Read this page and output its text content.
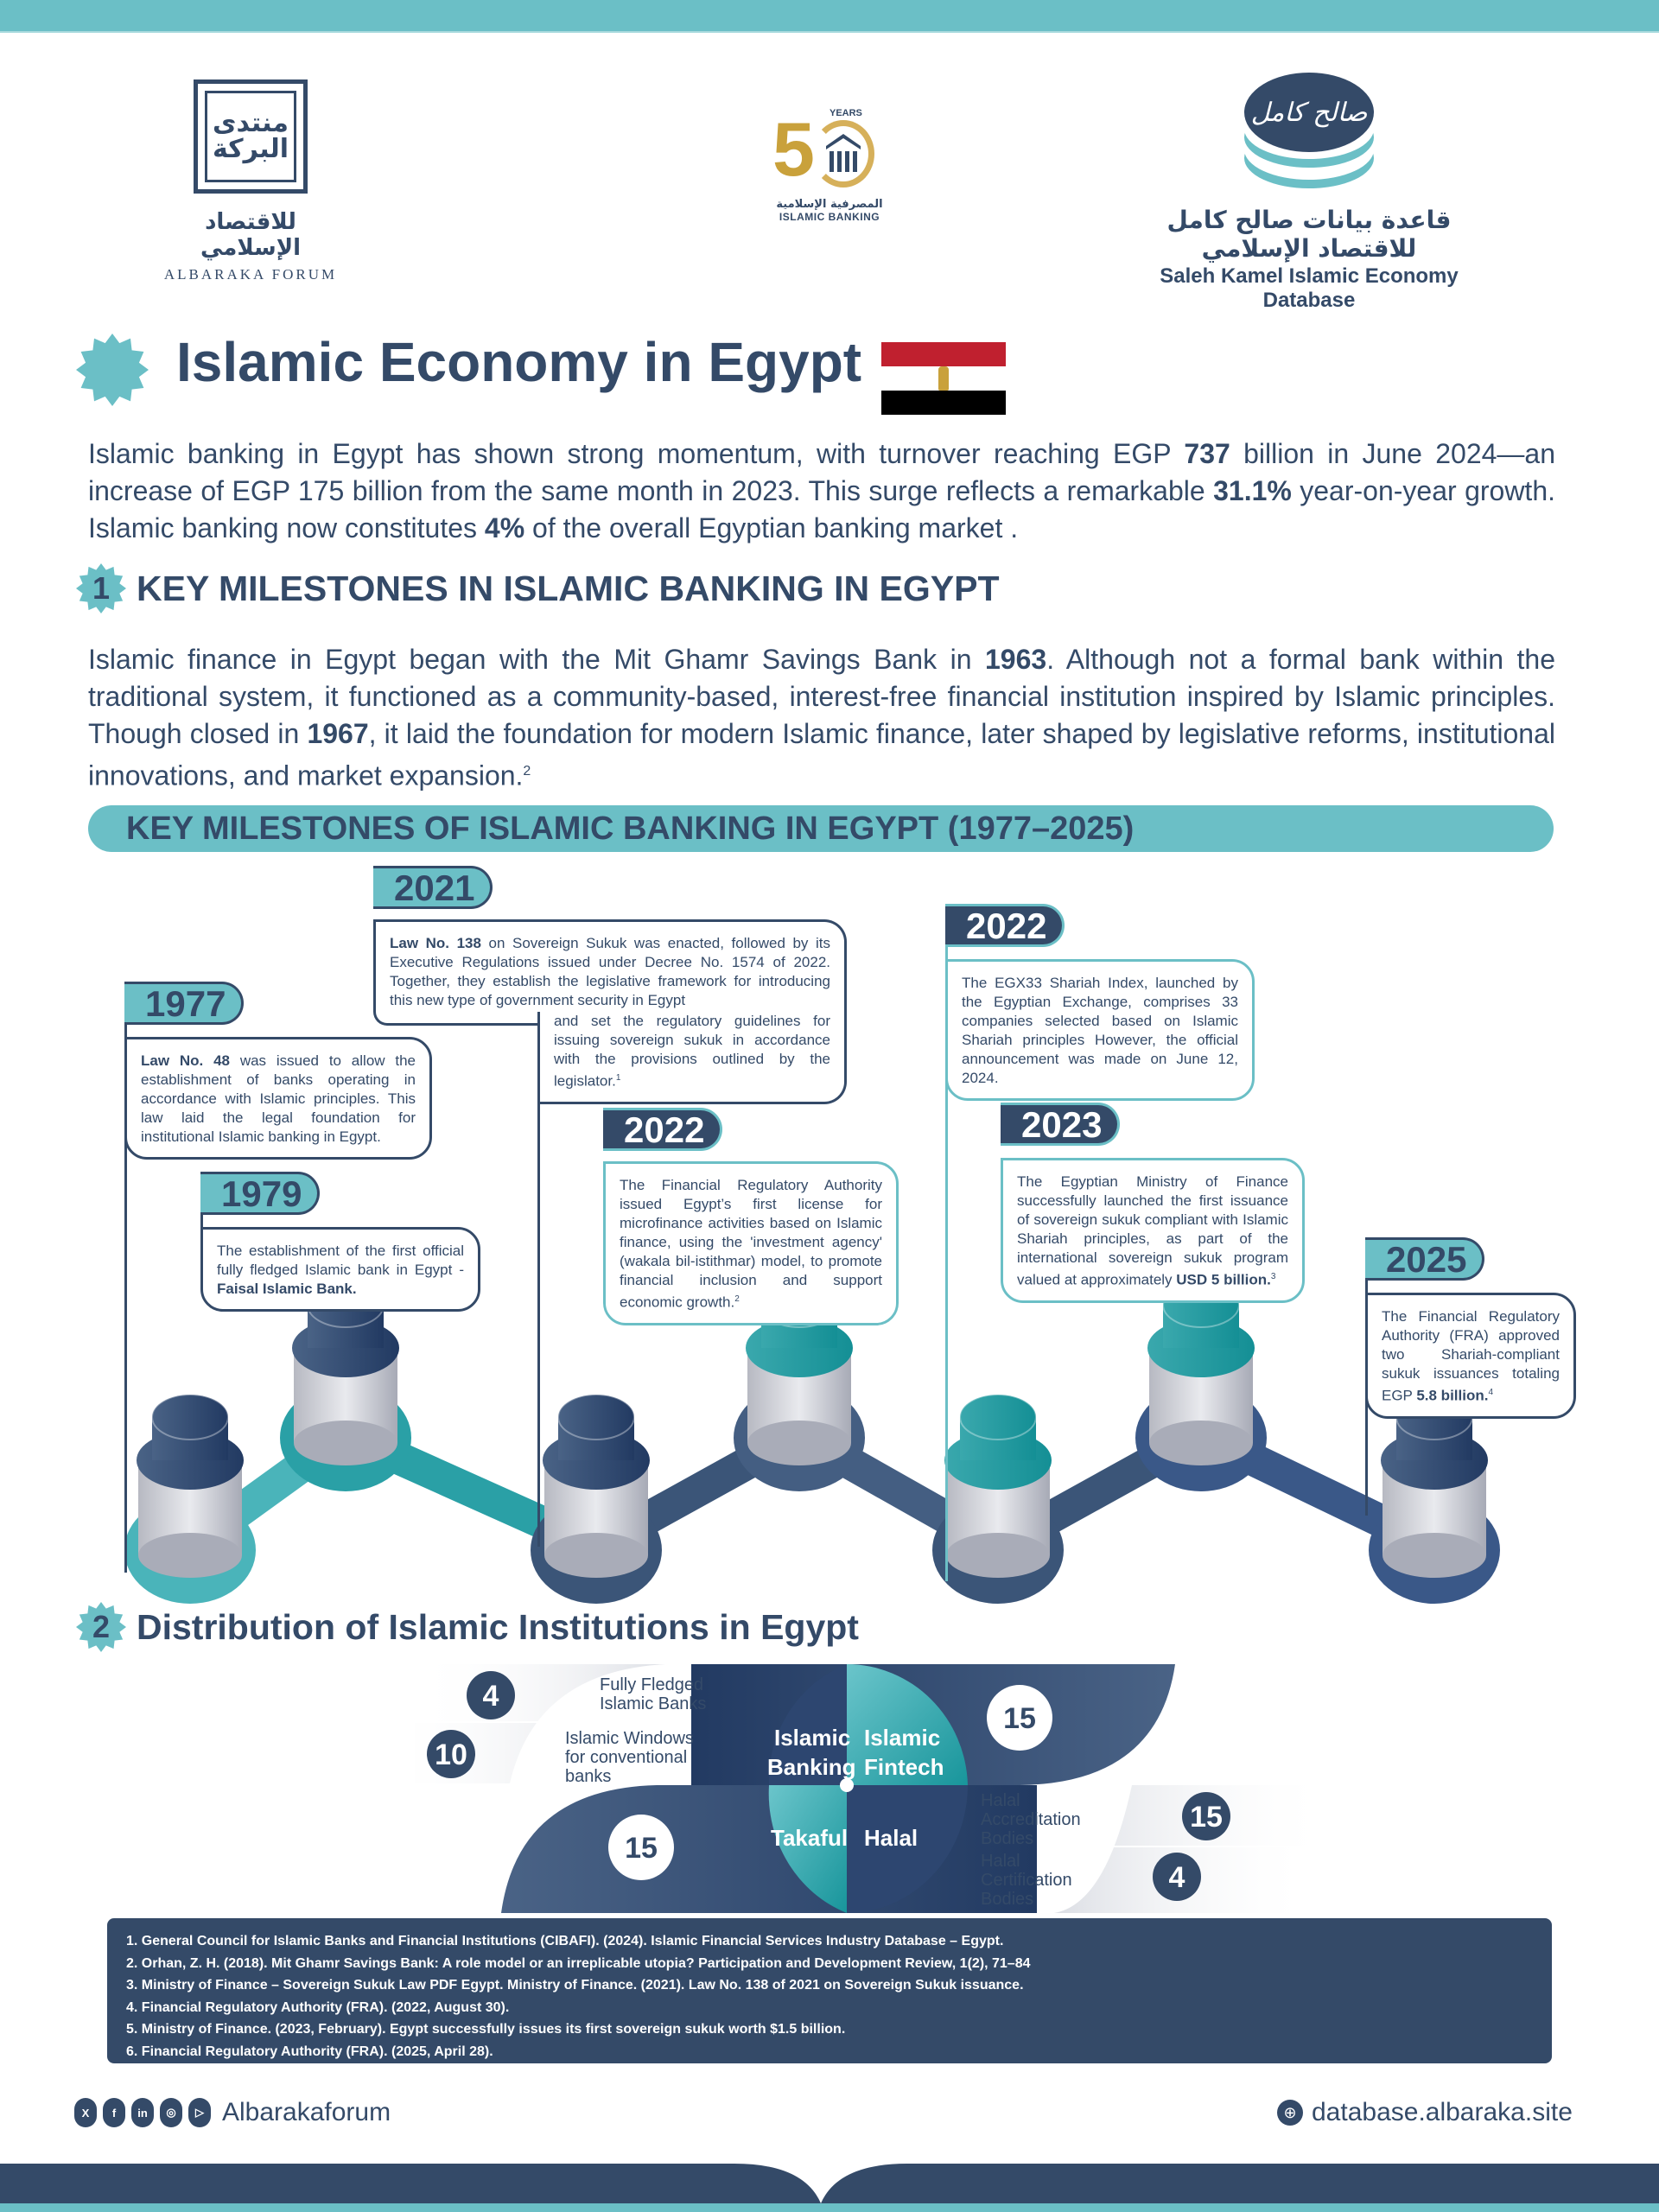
منتدى البركة
للاقتصاد الإسلامي
ALBARAKA FORUM
5 YEARS
المصرفية الإسلامية
ISLAMIC BANKING
صالح كامل
قاعدة بيانات صالح كامل للاقتصاد الإسلامي
Saleh Kamel Islamic Economy Database
Islamic Economy in Egypt
Islamic banking in Egypt has shown strong momentum, with turnover reaching EGP 737 billion in June 2024—an increase of EGP 175 billion from the same month in 2023. This surge reflects a remarkable 31.1% year-on-year growth. Islamic banking now constitutes 4% of the overall Egyptian banking market .
1 KEY MILESTONES IN ISLAMIC BANKING IN EGYPT
Islamic finance in Egypt began with the Mit Ghamr Savings Bank in 1963. Although not a formal bank within the traditional system, it functioned as a community-based, interest-free financial institution inspired by Islamic principles. Though closed in 1967, it laid the foundation for modern Islamic finance, later shaped by legislative reforms, institutional innovations, and market expansion.$^2$
KEY MILESTONES OF ISLAMIC BANKING IN EGYPT (1977–2025)
1977
Law No. 48 was issued to allow the establishment of banks operating in accordance with Islamic principles. This law laid the legal foundation for institutional Islamic banking in Egypt.
1979
The establishment of the first official fully fledged Islamic bank in Egypt - Faisal Islamic Bank.
2021
Law No. 138 on Sovereign Sukuk was enacted, followed by its Executive Regulations issued under Decree No. 1574 of 2022. Together, they establish the legislative framework for introducing this new type of government security in Egypt
and set the regulatory guidelines for issuing sovereign sukuk in accordance with the provisions outlined by the legislator.$^1$
2022
The Financial Regulatory Authority issued Egypt’s first license for microfinance activities based on Islamic finance, using the 'investment agency' (wakala bil-istithmar) model, to promote financial inclusion and support economic growth.$^2$
2022
The EGX33 Shariah Index, launched by the Egyptian Exchange, comprises 33 companies selected based on Islamic Shariah principles However, the official announcement was made on June 12, 2024.
2023
The Egyptian Ministry of Finance successfully launched the first issuance of sovereign sukuk compliant with Islamic Shariah principles, as part of the international sovereign sukuk program valued at approximately USD 5 billion.$^3$	2025
The Financial Regulatory Authority (FRA) approved two Shariah-compliant sukuk issuances totaling EGP 5.8 billion.$^4$
2 Distribution of Islamic Institutions in Egypt
Islamic
Banking
Islamic
Fintech
Takaful Halal
Fully Fledged
Islamic Banks
Islamic Windows
for conventional
banks
Halal
Accreditation
Bodies
Halal
Certification
Bodies
4
10
15
15
15
4
1. General Council for Islamic Banks and Financial Institutions (CIBAFI). (2024). Islamic Financial Services Industry Database – Egypt.
2. Orhan, Z. H. (2018). Mit Ghamr Savings Bank: A role model or an irreplicable utopia? Participation and Development Review, 1(2), 71–84
3. Ministry of Finance – Sovereign Sukuk Law PDF Egypt. Ministry of Finance. (2021). Law No. 138 of 2021 on Sovereign Sukuk issuance.
4. Financial Regulatory Authority (FRA). (2022, August 30).
5. Ministry of Finance. (2023, February). Egypt successfully issues its first sovereign sukuk worth $1.5 billion.
6. Financial Regulatory Authority (FRA). (2025, April 28).
X	f	in	◎	▷ Albarakaforum	⊕ database.albaraka.site
